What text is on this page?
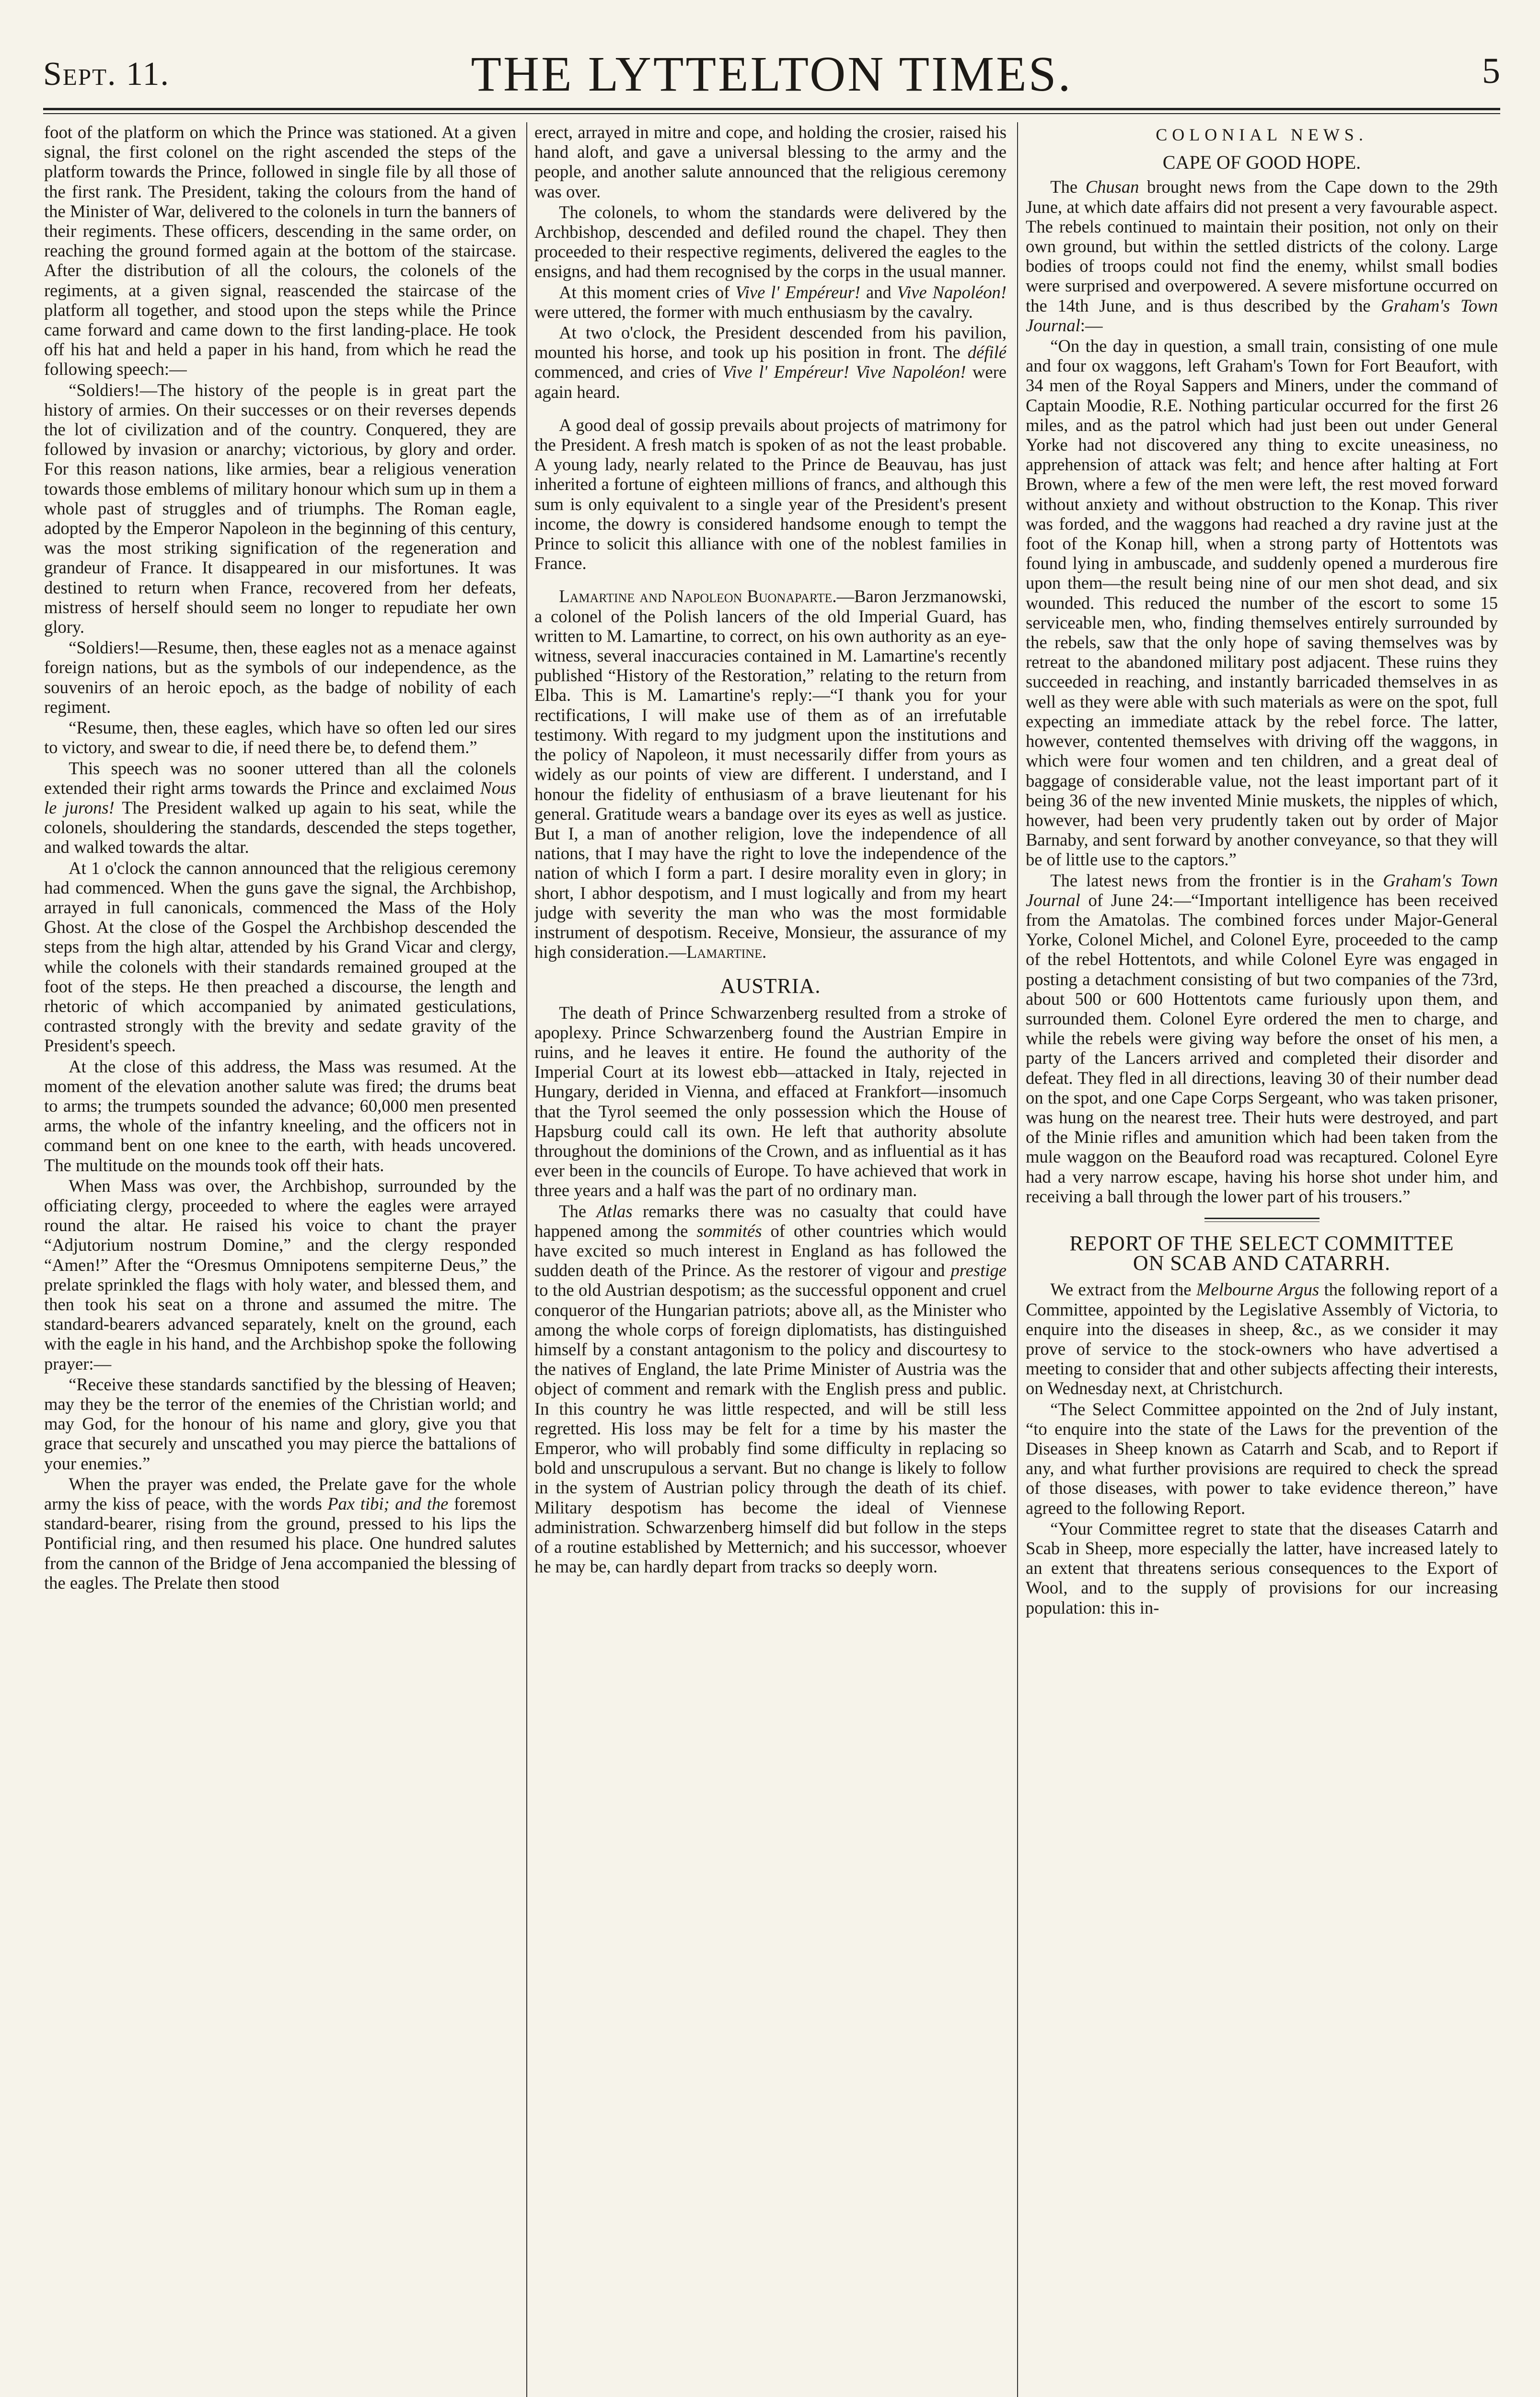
Sept. 11.	THE LYTTELTON TIMES.	5

foot of the platform on which the Prince was stationed. At a given signal, the first colonel on the right ascended the steps of the platform towards the Prince, followed in single file by all those of the first rank. The President, taking the colours from the hand of the Minister of War, delivered to the colonels in turn the banners of their regiments. These officers, descending in the same order, on reaching the ground formed again at the bottom of the staircase. After the distribution of all the colours, the colonels of the regiments, at a given signal, reascended the staircase of the platform all together, and stood upon the steps while the Prince came forward and came down to the first landing-place. He took off his hat and held a paper in his hand, from which he read the following speech:—

“Soldiers!—The history of the people is in great part the history of armies. On their successes or on their reverses depends the lot of civilization and of the country. Conquered, they are followed by invasion or anarchy; victorious, by glory and order. For this reason nations, like armies, bear a religious veneration towards those emblems of military honour which sum up in them a whole past of struggles and of triumphs. The Roman eagle, adopted by the Emperor Napoleon in the beginning of this century, was the most striking signification of the regeneration and grandeur of France. It disappeared in our misfortunes. It was destined to return when France, recovered from her defeats, mistress of herself should seem no longer to repudiate her own glory.

“Soldiers!—Resume, then, these eagles not as a menace against foreign nations, but as the symbols of our independence, as the souvenirs of an heroic epoch, as the badge of nobility of each regiment.

“Resume, then, these eagles, which have so often led our sires to victory, and swear to die, if need there be, to defend them.”

This speech was no sooner uttered than all the colonels extended their right arms towards the Prince and exclaimed Nous le jurons! The President walked up again to his seat, while the colonels, shouldering the standards, descended the steps together, and walked towards the altar.

At 1 o'clock the cannon announced that the religious ceremony had commenced. When the guns gave the signal, the Archbishop, arrayed in full canonicals, commenced the Mass of the Holy Ghost. At the close of the Gospel the Archbishop descended the steps from the high altar, attended by his Grand Vicar and clergy, while the colonels with their standards remained grouped at the foot of the steps. He then preached a discourse, the length and rhetoric of which accompanied by animated gesticulations, contrasted strongly with the brevity and sedate gravity of the President's speech.

At the close of this address, the Mass was resumed. At the moment of the elevation another salute was fired; the drums beat to arms; the trumpets sounded the advance; 60,000 men presented arms, the whole of the infantry kneeling, and the officers not in command bent on one knee to the earth, with heads uncovered. The multitude on the mounds took off their hats.

When Mass was over, the Archbishop, surrounded by the officiating clergy, proceeded to where the eagles were arrayed round the altar. He raised his voice to chant the prayer “Adjutorium nostrum Domine,” and the clergy responded “Amen!” After the “Oresmus Omnipotens sempiterne Deus,” the prelate sprinkled the flags with holy water, and blessed them, and then took his seat on a throne and assumed the mitre. The standard-bearers advanced separately, knelt on the ground, each with the eagle in his hand, and the Archbishop spoke the following prayer:—

“Receive these standards sanctified by the blessing of Heaven; may they be the terror of the enemies of the Christian world; and may God, for the honour of his name and glory, give you that grace that securely and unscathed you may pierce the battalions of your enemies.”

When the prayer was ended, the Prelate gave for the whole army the kiss of peace, with the words Pax tibi; and the foremost standard-bearer, rising from the ground, pressed to his lips the Pontificial ring, and then resumed his place. One hundred salutes from the cannon of the Bridge of Jena accompanied the blessing of the eagles. The Prelate then stood

erect, arrayed in mitre and cope, and holding the crosier, raised his hand aloft, and gave a universal blessing to the army and the people, and another salute announced that the religious ceremony was over.

The colonels, to whom the standards were delivered by the Archbishop, descended and defiled round the chapel. They then proceeded to their respective regiments, delivered the eagles to the ensigns, and had them recognised by the corps in the usual manner.

At this moment cries of Vive l' Empéreur! and Vive Napoléon! were uttered, the former with much enthusiasm by the cavalry.

At two o'clock, the President descended from his pavilion, mounted his horse, and took up his position in front. The défilé commenced, and cries of Vive l' Empéreur! Vive Napoléon! were again heard.

A good deal of gossip prevails about projects of matrimony for the President. A fresh match is spoken of as not the least probable. A young lady, nearly related to the Prince de Beauvau, has just inherited a fortune of eighteen millions of francs, and although this sum is only equivalent to a single year of the President's present income, the dowry is considered handsome enough to tempt the Prince to solicit this alliance with one of the noblest families in France.

Lamartine and Napoleon Buonaparte.—Baron Jerzmanowski, a colonel of the Polish lancers of the old Imperial Guard, has written to M. Lamartine, to correct, on his own authority as an eye-witness, several inaccuracies contained in M. Lamartine's recently published “History of the Restoration,” relating to the return from Elba. This is M. Lamartine's reply:—“I thank you for your rectifications, I will make use of them as of an irrefutable testimony. With regard to my judgment upon the institutions and the policy of Napoleon, it must necessarily differ from yours as widely as our points of view are different. I understand, and I honour the fidelity of enthusiasm of a brave lieutenant for his general. Gratitude wears a bandage over its eyes as well as justice. But I, a man of another religion, love the independence of all nations, that I may have the right to love the independence of the nation of which I form a part. I desire morality even in glory; in short, I abhor despotism, and I must logically and from my heart judge with severity the man who was the most formidable instrument of despotism. Receive, Monsieur, the assurance of my high consideration.—Lamartine.

AUSTRIA.

The death of Prince Schwarzenberg resulted from a stroke of apoplexy. Prince Schwarzenberg found the Austrian Empire in ruins, and he leaves it entire. He found the authority of the Imperial Court at its lowest ebb—attacked in Italy, rejected in Hungary, derided in Vienna, and effaced at Frankfort—insomuch that the Tyrol seemed the only possession which the House of Hapsburg could call its own. He left that authority absolute throughout the dominions of the Crown, and as influential as it has ever been in the councils of Europe. To have achieved that work in three years and a half was the part of no ordinary man.

The Atlas remarks there was no casualty that could have happened among the sommités of other countries which would have excited so much interest in England as has followed the sudden death of the Prince. As the restorer of vigour and prestige to the old Austrian despotism; as the successful opponent and cruel conqueror of the Hungarian patriots; above all, as the Minister who among the whole corps of foreign diplomatists, has distinguished himself by a constant antagonism to the policy and discourtesy to the natives of England, the late Prime Minister of Austria was the object of comment and remark with the English press and public. In this country he was little respected, and will be still less regretted. His loss may be felt for a time by his master the Emperor, who will probably find some difficulty in replacing so bold and unscrupulous a servant. But no change is likely to follow in the system of Austrian policy through the death of its chief. Military despotism has become the ideal of Viennese administration. Schwarzenberg himself did but follow in the steps of a routine established by Metternich; and his successor, whoever he may be, can hardly depart from tracks so deeply worn.

COLONIAL NEWS.
CAPE OF GOOD HOPE.

The Chusan brought news from the Cape down to the 29th June, at which date affairs did not present a very favourable aspect. The rebels continued to maintain their position, not only on their own ground, but within the settled districts of the colony. Large bodies of troops could not find the enemy, whilst small bodies were surprised and overpowered. A severe misfortune occurred on the 14th June, and is thus described by the Graham's Town Journal:—

“On the day in question, a small train, consisting of one mule and four ox waggons, left Graham's Town for Fort Beaufort, with 34 men of the Royal Sappers and Miners, under the command of Captain Moodie, R.E. Nothing particular occurred for the first 26 miles, and as the patrol which had just been out under General Yorke had not discovered any thing to excite uneasiness, no apprehension of attack was felt; and hence after halting at Fort Brown, where a few of the men were left, the rest moved forward without anxiety and without obstruction to the Konap. This river was forded, and the waggons had reached a dry ravine just at the foot of the Konap hill, when a strong party of Hottentots was found lying in ambuscade, and suddenly opened a murderous fire upon them—the result being nine of our men shot dead, and six wounded. This reduced the number of the escort to some 15 serviceable men, who, finding themselves entirely surrounded by the rebels, saw that the only hope of saving themselves was by retreat to the abandoned military post adjacent. These ruins they succeeded in reaching, and instantly barricaded themselves in as well as they were able with such materials as were on the spot, full expecting an immediate attack by the rebel force. The latter, however, contented themselves with driving off the waggons, in which were four women and ten children, and a great deal of baggage of considerable value, not the least important part of it being 36 of the new invented Minie muskets, the nipples of which, however, had been very prudently taken out by order of Major Barnaby, and sent forward by another conveyance, so that they will be of little use to the captors.”

The latest news from the frontier is in the Graham's Town Journal of June 24:—“Important intelligence has been received from the Amatolas. The combined forces under Major-General Yorke, Colonel Michel, and Colonel Eyre, proceeded to the camp of the rebel Hottentots, and while Colonel Eyre was engaged in posting a detachment consisting of but two companies of the 73rd, about 500 or 600 Hottentots came furiously upon them, and surrounded them. Colonel Eyre ordered the men to charge, and while the rebels were giving way before the onset of his men, a party of the Lancers arrived and completed their disorder and defeat. They fled in all directions, leaving 30 of their number dead on the spot, and one Cape Corps Sergeant, who was taken prisoner, was hung on the nearest tree. Their huts were destroyed, and part of the Minie rifles and amunition which had been taken from the mule waggon on the Beauford road was recaptured. Colonel Eyre had a very narrow escape, having his horse shot under him, and receiving a ball through the lower part of his trousers.”

REPORT OF THE SELECT COMMITTEE
ON SCAB AND CATARRH.

We extract from the Melbourne Argus the following report of a Committee, appointed by the Legislative Assembly of Victoria, to enquire into the diseases in sheep, &c., as we consider it may prove of service to the stock-owners who have advertised a meeting to consider that and other subjects affecting their interests, on Wednesday next, at Christchurch.

“The Select Committee appointed on the 2nd of July instant, “to enquire into the state of the Laws for the prevention of the Diseases in Sheep known as Catarrh and Scab, and to Report if any, and what further provisions are required to check the spread of those diseases, with power to take evidence thereon,” have agreed to the following Report.

“Your Committee regret to state that the diseases Catarrh and Scab in Sheep, more especially the latter, have increased lately to an extent that threatens serious consequences to the Export of Wool, and to the supply of provisions for our increasing population: this in-
